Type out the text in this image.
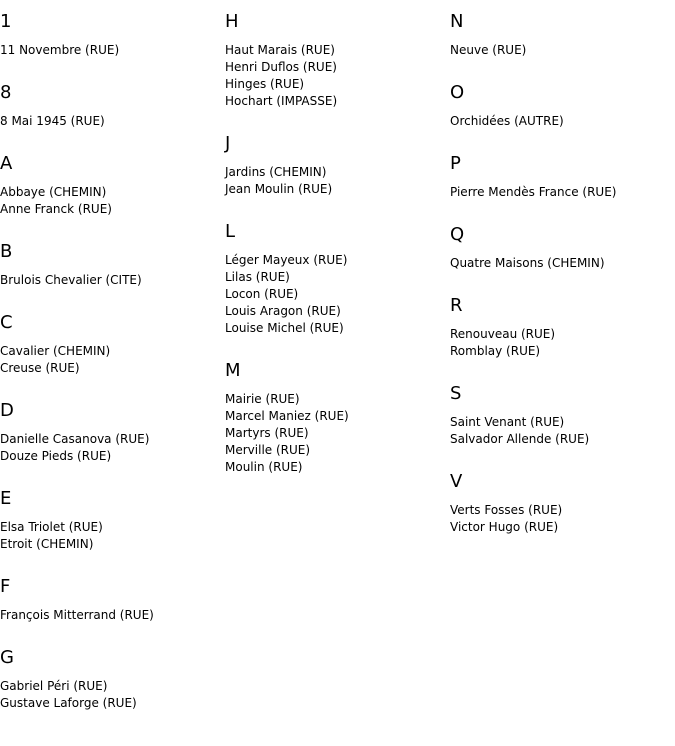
1
11 Novembre (RUE)
8
8 Mai 1945 (RUE)
A
Abbaye (CHEMIN)
Anne Franck (RUE)
B
Brulois Chevalier (CITE)
C
Cavalier (CHEMIN)
Creuse (RUE)
D
Danielle Casanova (RUE)
Douze Pieds (RUE)
E
Elsa Triolet (RUE)
Etroit (CHEMIN)
F
François Mitterrand (RUE)
G
Gabriel Péri (RUE)
Gustave Laforge (RUE)
H
Haut Marais (RUE)
Henri Duflos (RUE)
Hinges (RUE)
Hochart (IMPASSE)
J
Jardins (CHEMIN)
Jean Moulin (RUE)
L
Léger Mayeux (RUE)
Lilas (RUE)
Locon (RUE)
Louis Aragon (RUE)
Louise Michel (RUE)
M
Mairie (RUE)
Marcel Maniez (RUE)
Martyrs (RUE)
Merville (RUE)
Moulin (RUE)
N
Neuve (RUE)
O
Orchidées (AUTRE)
P
Pierre Mendès France (RUE)
Q
Quatre Maisons (CHEMIN)
R
Renouveau (RUE)
Romblay (RUE)
S
Saint Venant (RUE)
Salvador Allende (RUE)
V
Verts Fosses (RUE)
Victor Hugo (RUE)
